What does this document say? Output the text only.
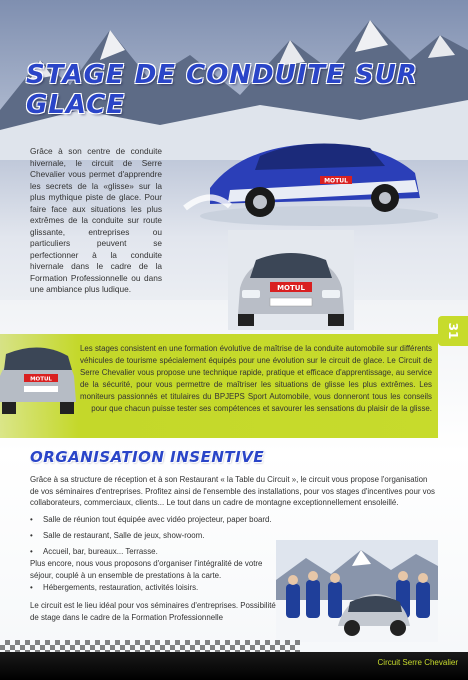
STAGE DE CONDUITE SUR GLACE

Grâce à son centre de conduite hivernale, le circuit de Serre Chevalier vous permet d'apprendre les secrets de la «glisse» sur la plus mythique piste de glace. Pour faire face aux situations les plus extrêmes de la conduite sur route glissante, entreprises ou particuliers peuvent se perfectionner à la conduite hivernale dans le cadre de la Formation Professionnelle ou dans une ambiance plus ludique.

MOTUL
MOTUL
MOTUL

Les stages consistent en une formation évolutive de maîtrise de la conduite automobile sur différents véhicules de tourisme spécialement équipés pour une évolution sur le circuit de glace. Le Circuit de Serre Chevalier vous propose une technique rapide, pratique et efficace d'apprentissage, au service de la sécurité, pour vous permettre de maîtriser les situations de glisse les plus extrêmes. Les moniteurs passionnés et titulaires du BPJEPS Sport Automobile, vous donneront tous les conseils pour que chacun puisse tester ses compétences et savourer les sensations du plaisir de la glisse.

31
ORGANISATION INSENTIVE

Grâce à sa structure de réception et à son Restaurant « la Table du Circuit », le circuit vous propose l'organisation de vos séminaires d'entreprises. Profitez ainsi de l'ensemble des installations, pour vos stages d'incentives pour vos collaborateurs, commerciaux, clients... Le tout dans un cadre de montagne exceptionnellement ensoleillé.

• Salle de réunion tout équipée avec vidéo projecteur, paper board.
• Salle de restaurant, Salle de jeux, show-room.
• Accueil, bar, bureaux... Terrasse.

Plus encore, nous vous proposons d'organiser l'intégralité de votre séjour, couplé à un ensemble de prestations à la carte.

• Hébergements, restauration, activités loisirs.

Le circuit est le lieu idéal pour vos séminaires d'entreprises. Possibilité de stage dans le cadre de la Formation Professionnelle

Circuit Serre Chevalier
